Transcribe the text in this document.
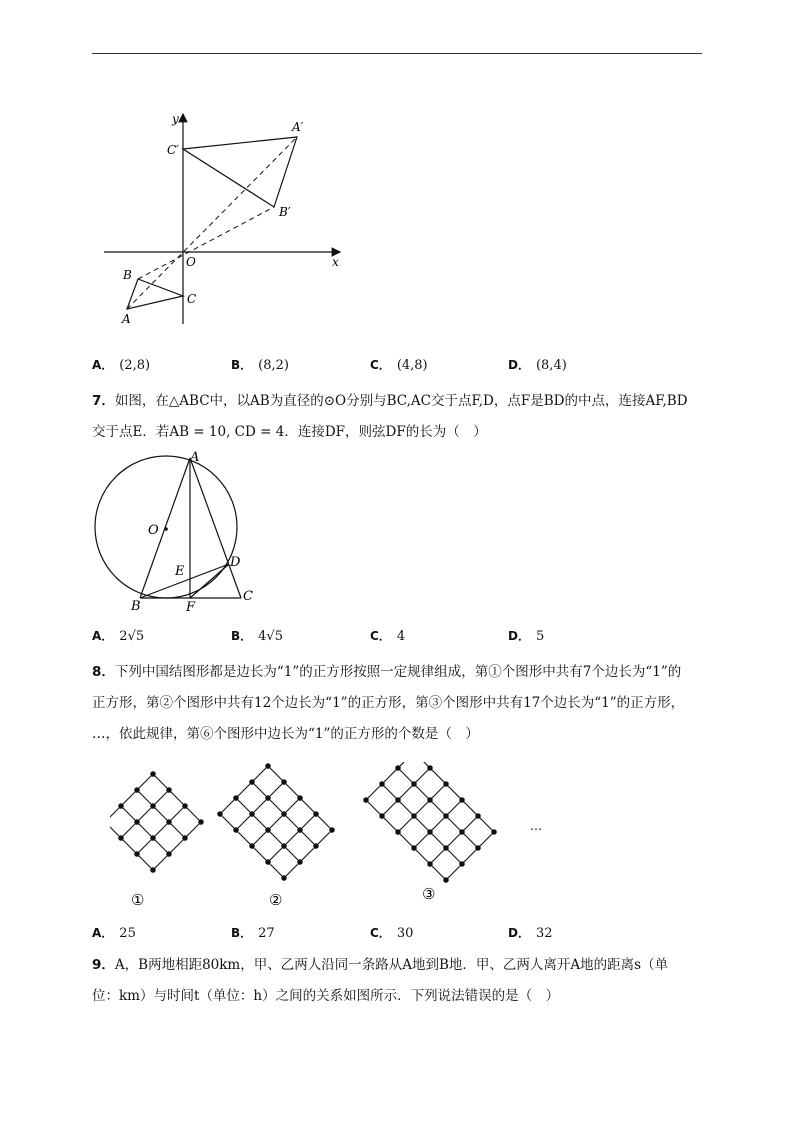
y
x
O
A′
C′
B′
B
C
A
A． (2,8)	B． (8,2)	C． (4,8)	D． (8,4)
7．如图，在△ABC中，以AB为直径的⊙O分别与BC,AC交于点F,D，点F是BD的中点，连接AF,BD
交于点E．若AB = 10, CD = 4．连接DF，则弦DF的长为（　）
A
O
E
D
B	F
C
A． 2√5	B． 4√5	C． 4	D． 5
8．下列中国结图形都是边长为“1”的正方形按照一定规律组成，第①个图形中共有7个边长为“1”的
正方形，第②个图形中共有12个边长为“1”的正方形，第③个图形中共有17个边长为“1”的正方形，
…，依此规律，第⑥个图形中边长为“1”的正方形的个数是（　）
①	②	③
…
A． 25	B． 27	C． 30	D． 32
9．A，B两地相距80km，甲、乙两人沿同一条路从A地到B地．甲、乙两人离开A地的距离s（单
位：km）与时间t（单位：h）之间的关系如图所示．下列说法错误的是（　）
